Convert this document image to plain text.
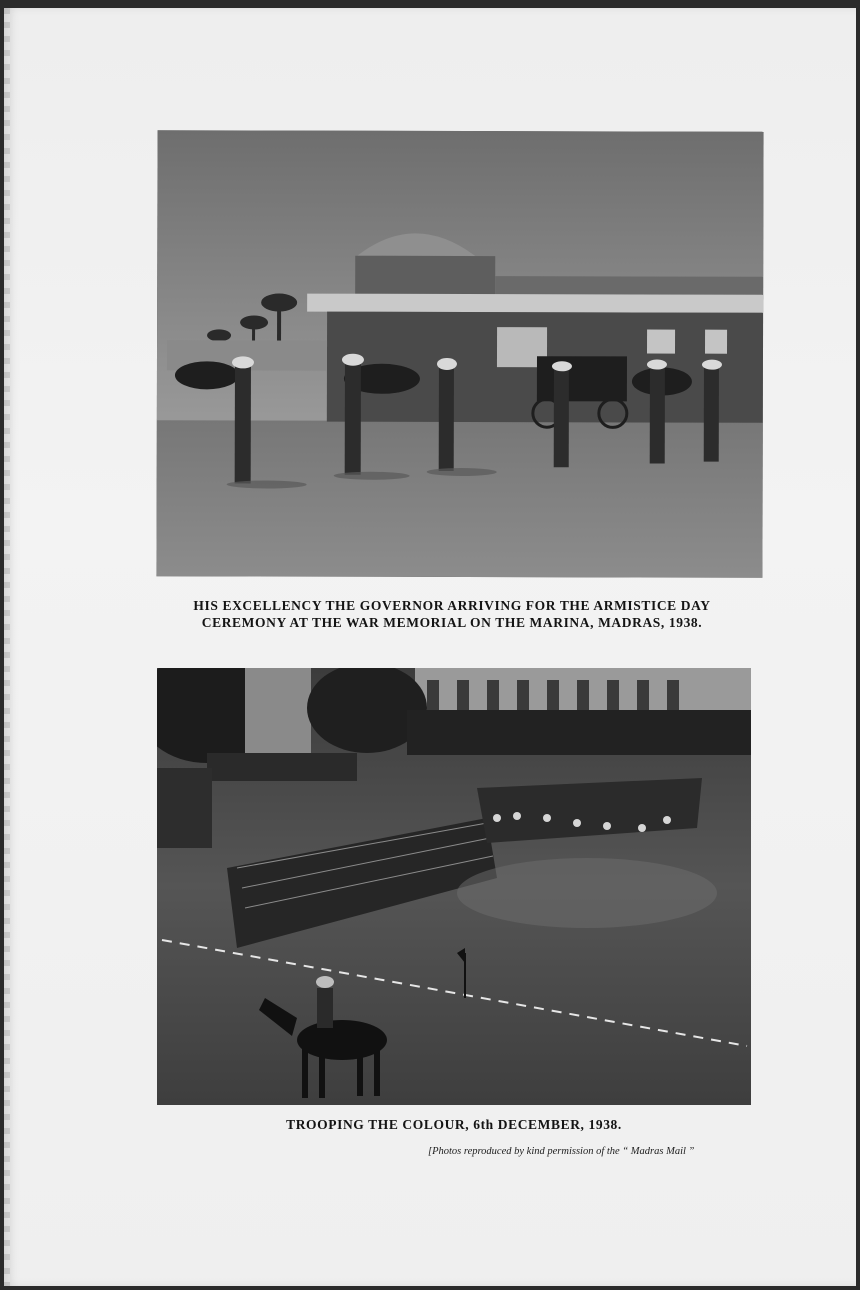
HIS EXCELLENCY THE GOVERNOR ARRIVING FOR THE ARMISTICE DAY
CEREMONY AT THE WAR MEMORIAL ON THE MARINA, MADRAS, 1938.
TROOPING THE COLOUR, 6th DECEMBER, 1938.
[Photos reproduced by kind permission of the “ Madras Mail ”
